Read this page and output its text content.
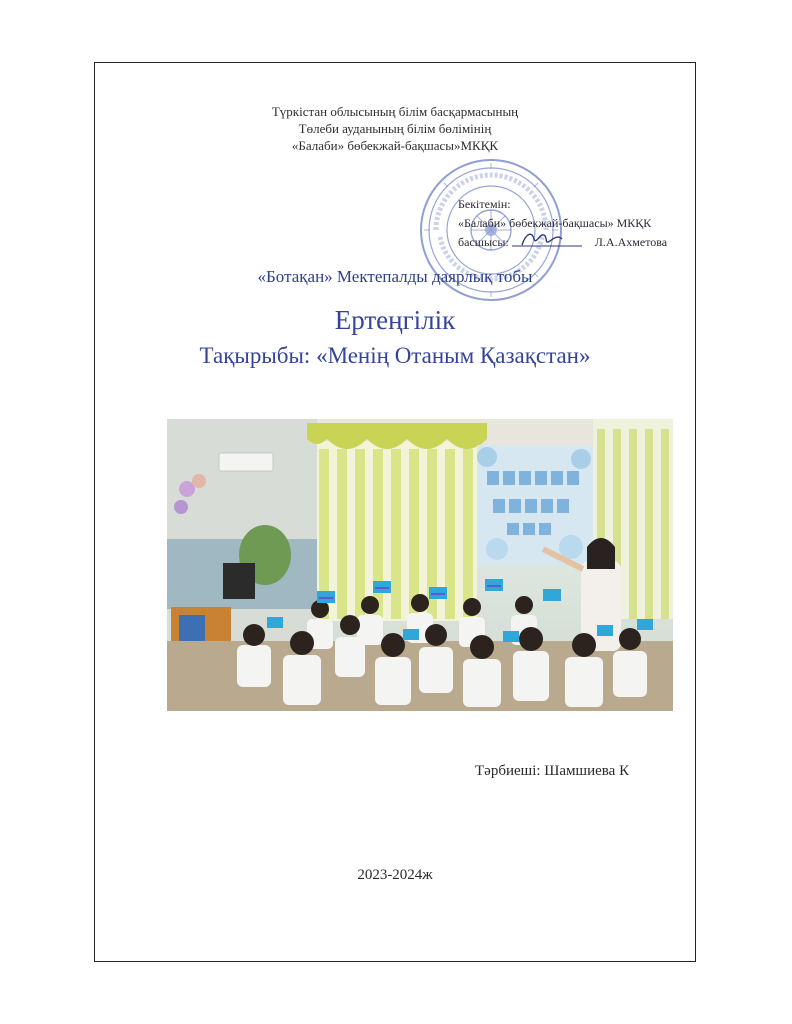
Түркістан облысының білім басқармасының
Төлеби ауданының білім бөлімінің
«Балаби» бөбекжай-бақшасы»МКҚК
Бекітемін:
«Балаби» бөбекжай-бақшасы» МКҚК
басшысы:	Л.А.Ахметова
«Ботақан» Мектепалды даярлық тобы
Ертеңгілік
Тақырыбы: «Менің Отаным Қазақстан»
Тәрбиеші: Шамшиева К
2023-2024ж
